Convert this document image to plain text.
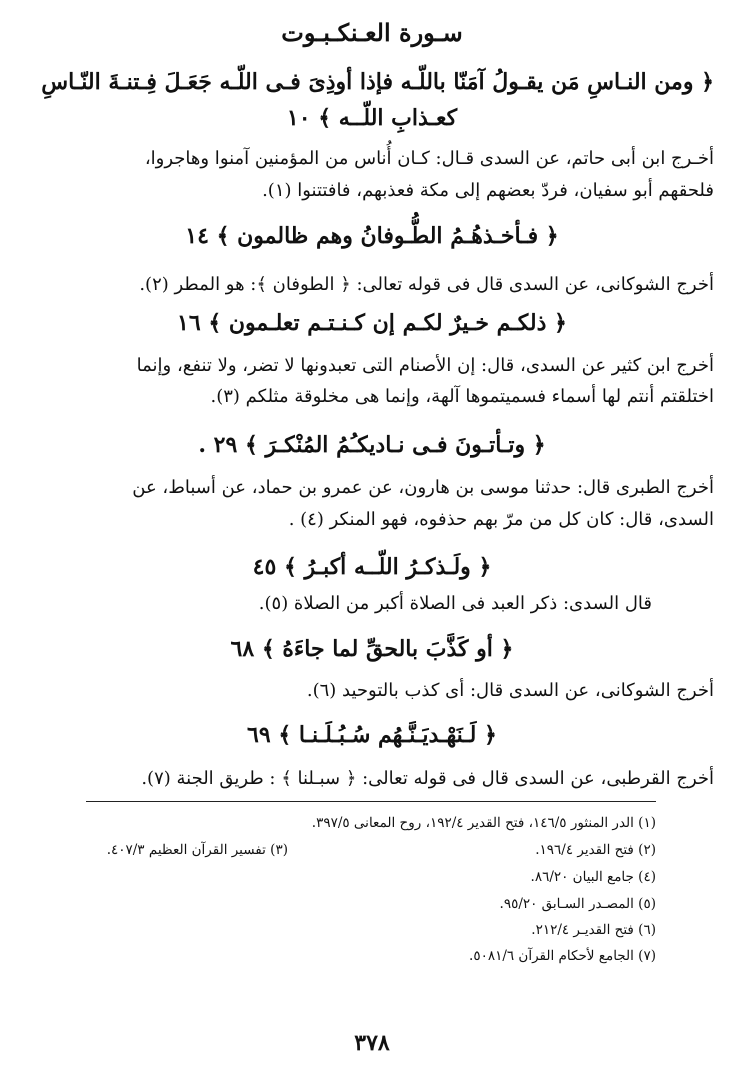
سـورة العـنكـبـوت
﴿ ومن النـاسِ مَن يقـولُ آمَنّا باللّـه فإذا أوذِىَ فـى اللّـه جَعَـلَ فِـتنـةَ النّـاسِ
كعـذابِ اللّــه ﴾ ١٠
أخـرج ابن أبى حاتم، عن السدى قـال: كـان أُناس من المؤمنين آمنوا وهاجروا،
فلحقهم أبو سفيان، فردّ بعضهم إلى مكة فعذبهم، فافتتنوا (١).
﴿ فـأخـذهُـمُ الطُّـوفانُ وهم ظالمون ﴾ ١٤
أخرج الشوكانى، عن السدى قال فى قوله تعالى: ﴿ الطوفان ﴾: هو المطر (٢).
﴿ ذلكـم خـيرٌ لكـم إن كـنـتـم تعلـمون ﴾ ١٦
أخرج ابن كثير عن السدى، قال: إن الأصنام التى تعبدونها لا تضر، ولا تنفع، وإنما
اختلقتم أنتم لها أسماء فسميتموها آلهة، وإنما هى مخلوقة مثلكم (٣).
﴿ وتـأتـونَ فـى نـاديكـُمُ المُنْكـرَ ﴾ ٢٩ .
أخرج الطبرى قال: حدثنا موسى بن هارون، عن عمرو بن حماد، عن أسباط، عن
السدى، قال: كان كل من مرّ بهم حذفوه، فهو المنكر (٤) .
﴿ ولَـذكـرُ اللّــه أكبـرُ ﴾ ٤٥
قال السدى: ذكر العبد فى الصلاة أكبر من الصلاة (٥).
﴿ أو كَذَّبَ بالحقِّ لما جاءَهُ ﴾ ٦٨
أخرج الشوكانى، عن السدى قال: أى كذب بالتوحيد (٦).
﴿ لَـنَهْـديَـنَّـهُم سُـبُـلَـنـا ﴾ ٦٩
أخرج القرطبى، عن السدى قال فى قوله تعالى: ﴿ سبـلنا ﴾ : طريق الجنة (٧).
(١) الدر المنثور ١٤٦/٥، فتح القدير ١٩٢/٤، روح المعانى ٣٩٧/٥.
(٢) فتح القدير ١٩٦/٤.
(٣) تفسير القرآن العظيم ٤٠٧/٣.
(٤) جامع البيان ٨٦/٢٠.
(٥) المصـدر السـابق ٩٥/٢٠.
(٦) فتح القديـر ٢١٢/٤.
(٧) الجامع لأحكام القرآن ٥٠٨١/٦.
٣٧٨
